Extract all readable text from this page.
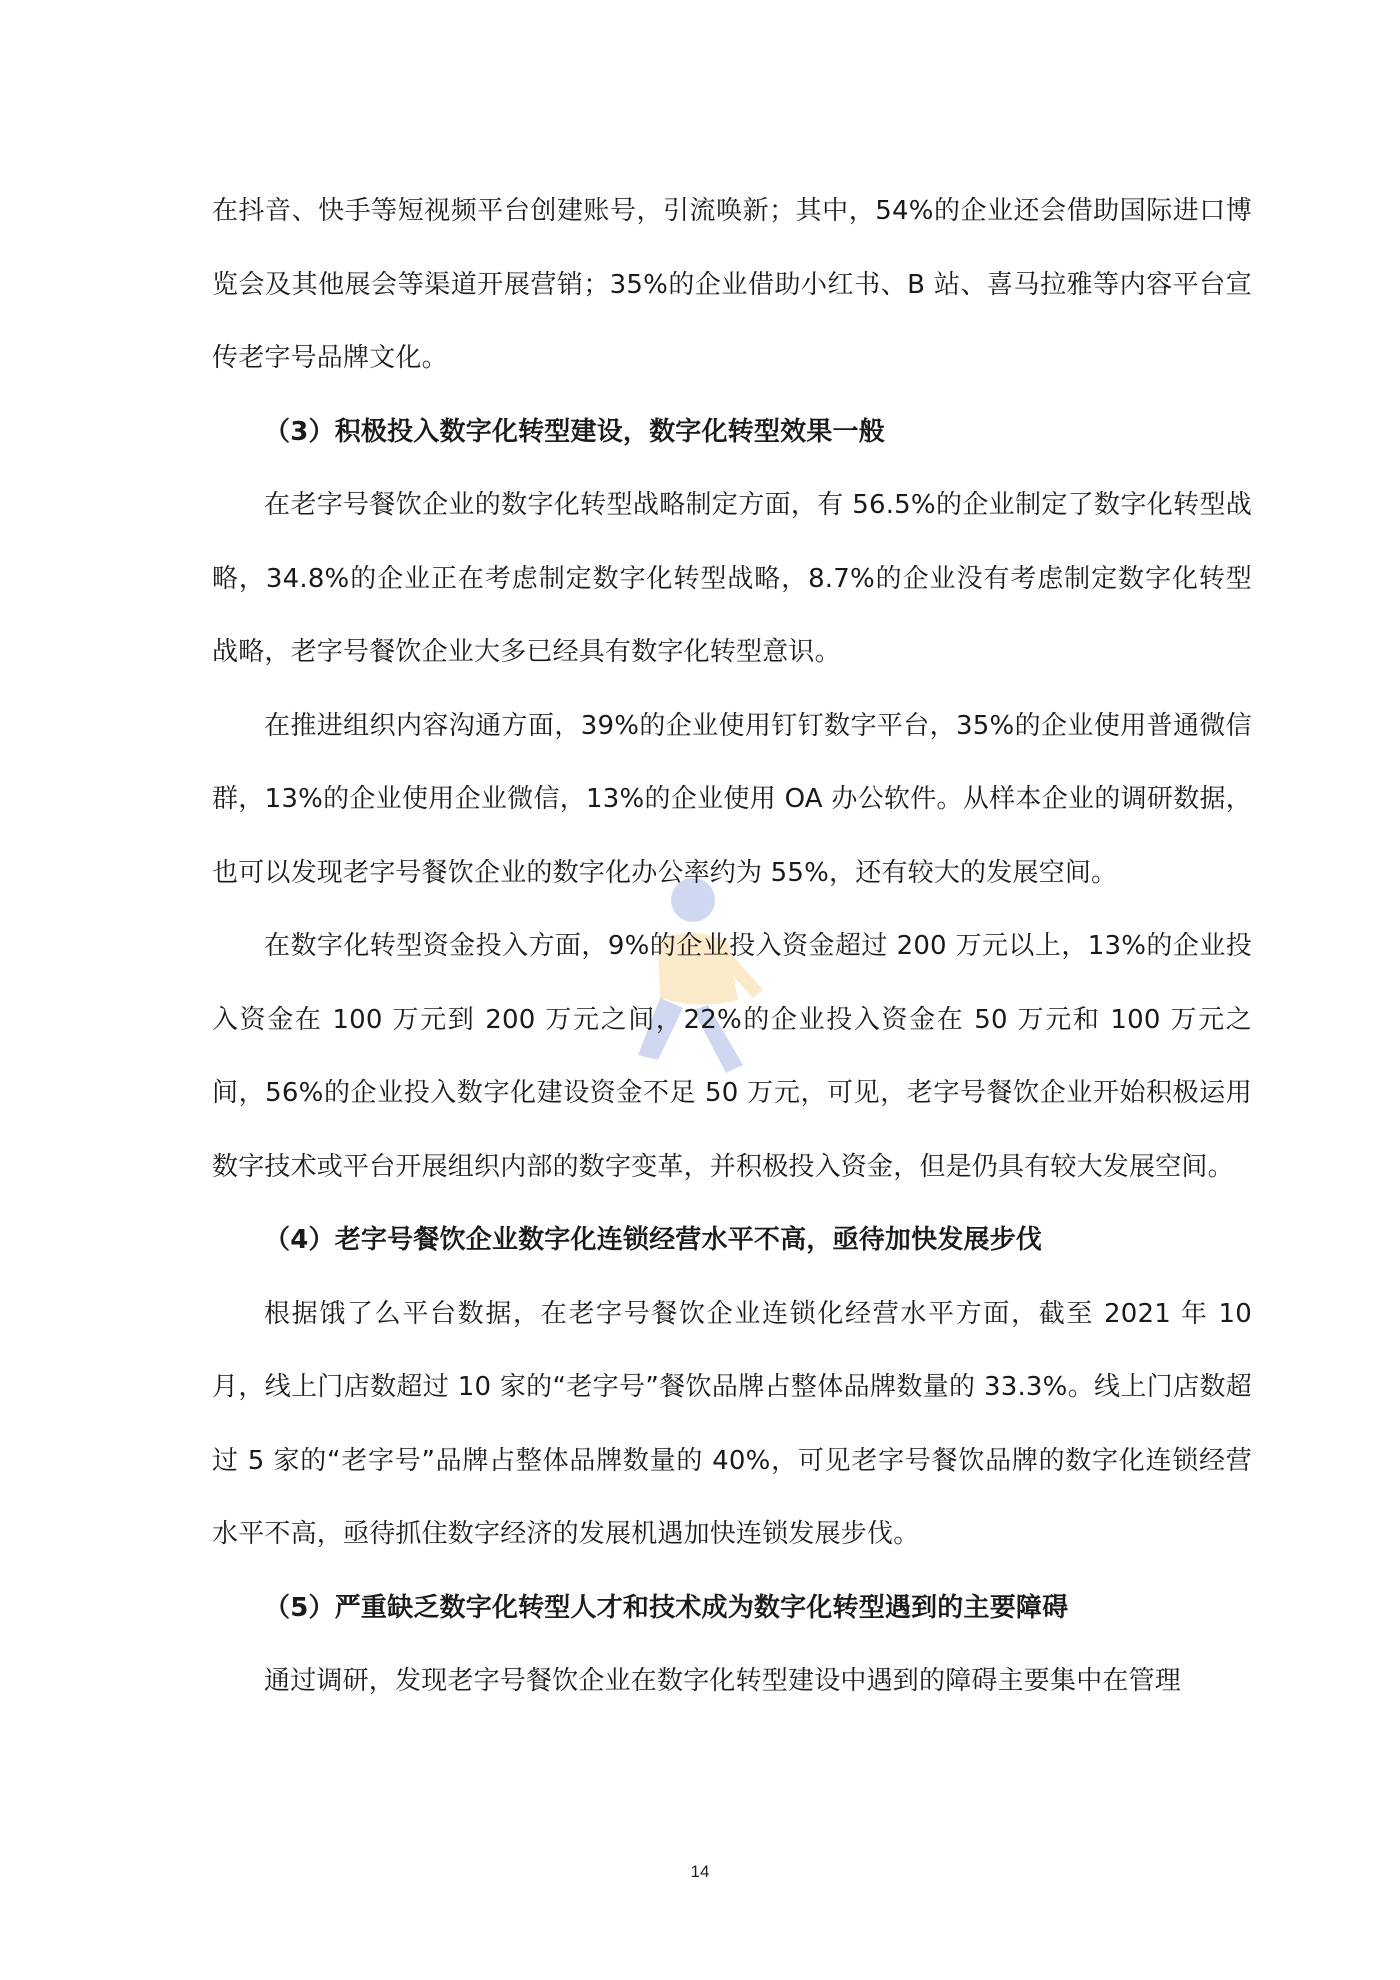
在抖音、快手等短视频平台创建账号，引流唤新；其中，54%的企业还会借助国际进口博览会及其他展会等渠道开展营销；35%的企业借助小红书、B 站、喜马拉雅等内容平台宣传老字号品牌文化。

（3）积极投入数字化转型建设，数字化转型效果一般

在老字号餐饮企业的数字化转型战略制定方面，有 56.5%的企业制定了数字化转型战略，34.8%的企业正在考虑制定数字化转型战略，8.7%的企业没有考虑制定数字化转型战略，老字号餐饮企业大多已经具有数字化转型意识。

在推进组织内容沟通方面，39%的企业使用钉钉数字平台，35%的企业使用普通微信群，13%的企业使用企业微信，13%的企业使用 OA 办公软件。从样本企业的调研数据，也可以发现老字号餐饮企业的数字化办公率约为 55%，还有较大的发展空间。

在数字化转型资金投入方面，9%的企业投入资金超过 200 万元以上，13%的企业投入资金在 100 万元到 200 万元之间，22%的企业投入资金在 50 万元和 100 万元之间，56%的企业投入数字化建设资金不足 50 万元，可见，老字号餐饮企业开始积极运用数字技术或平台开展组织内部的数字变革，并积极投入资金，但是仍具有较大发展空间。

（4）老字号餐饮企业数字化连锁经营水平不高，亟待加快发展步伐

根据饿了么平台数据，在老字号餐饮企业连锁化经营水平方面，截至 2021 年 10 月，线上门店数超过 10 家的“老字号”餐饮品牌占整体品牌数量的 33.3%。线上门店数超过 5 家的“老字号”品牌占整体品牌数量的 40%，可见老字号餐饮品牌的数字化连锁经营水平不高，亟待抓住数字经济的发展机遇加快连锁发展步伐。

（5）严重缺乏数字化转型人才和技术成为数字化转型遇到的主要障碍

通过调研，发现老字号餐饮企业在数字化转型建设中遇到的障碍主要集中在管理

14
